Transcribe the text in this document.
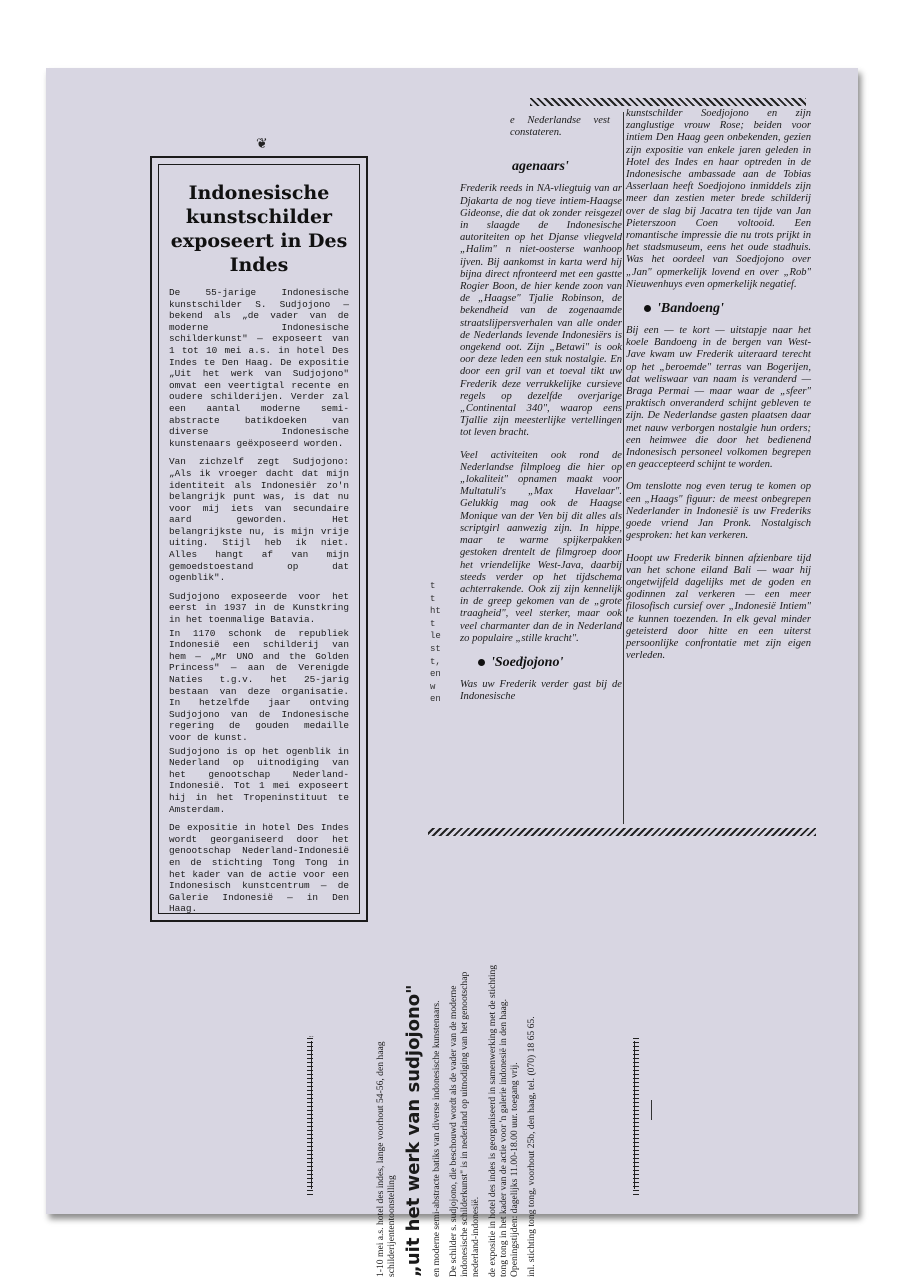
❦
Indonesische kunstschilder exposeert in Des Indes

De 55-jarige Indonesische kunstschilder S. Sudjojono — bekend als „de vader van de moderne Indonesische schilderkunst" — exposeert van 1 tot 10 mei a.s. in hotel Des Indes te Den Haag. De expositie „Uit het werk van Sudjojono" omvat een veertigtal recente en oudere schilderijen. Verder zal een aantal moderne semi-abstracte batikdoeken van diverse Indonesische kunstenaars geëxposeerd worden.

Van zichzelf zegt Sudjojono: „Als ik vroeger dacht dat mijn identiteit als Indonesiër zo'n belangrijk punt was, is dat nu voor mij iets van secundaire aard geworden. Het belangrijkste nu, is mijn vrije uiting. Stijl heb ik niet. Alles hangt af van mijn gemoedstoestand op dat ogenblik".

Sudjojono exposeerde voor het eerst in 1937 in de Kunstkring in het toenmalige Batavia.

In 1170 schonk de republiek Indonesië een schilderij van hem — „Mr UNO and the Golden Princess" — aan de Verenigde Naties t.g.v. het 25-jarig bestaan van deze organisatie. In hetzelfde jaar ontving Sudjojono van de Indonesische regering de gouden medaille voor de kunst.

Sudjojono is op het ogenblik in Nederland op uitnodiging van het genootschap Nederland-Indonesië. Tot 1 mei exposeert hij in het Tropeninstituut te Amsterdam.

De expositie in hotel Des Indes wordt georganiseerd door het genootschap Nederland-Indonesië en de stichting Tong Tong in het kader van de actie voor een Indonesisch kunstcentrum — de Galerie Indonesië — in Den Haag.

e Nederlandse vest constateren.
agenaars'

Frederik reeds in NA-vliegtuig van ar Djakarta de nog tieve intiem-Haagse Gideonse, die dat ok zonder reisgezel in slaagde de Indonesische autoriteiten op het Djanse vliegveld „Halim" n niet-oosterse wanhoop ijven. Bij aankomst in karta werd hij bijna direct nfronteerd met een gastte Rogier Boon, de hier kende zoon van de „Haagse" Tjalie Robinson, de bekendheid van de zogenaamde straatslijpersverhalen van alle onder de Nederlands levende Indonesiërs is ongekend oot. Zijn „Betawi" is ook oor deze leden een stuk nostalgie. En door een gril van et toeval tikt uw Frederik deze verrukkelijke cursieve regels op dezelfde overjarige „Continental 340", waarop eens Tjallie zijn meesterlijke vertellingen tot leven bracht.

Veel activiteiten ook rond de Nederlandse filmploeg die hier op „lokaliteit" opnamen maakt voor Multatuli's „Max Havelaar". Gelukkig mag ook de Haagse Monique van der Ven bij dit alles als scriptgirl aanwezig zijn. In hippe, maar te warme spijkerpakken gestoken drentelt de filmgroep door het vriendelijke West-Java, daarbij steeds verder op het tijdschema achterrakende. Ook zij zijn kennelijk in de greep gekomen van de „grote traagheid", veel sterker, maar ook veel charmanter dan de in Nederland zo populaire „stille kracht".

'Soedjojono'
Was uw Frederik verder gast bij de Indonesische
t
t
ht
t
le
st
t,
en
w
en

kunstschilder Soedjojono en zijn zanglustige vrouw Rose; beiden voor intiem Den Haag geen onbekenden, gezien zijn expositie van enkele jaren geleden in Hotel des Indes en haar optreden in de Indonesische ambassade aan de Tobias Asserlaan heeft Soedjojono inmiddels zijn meer dan zestien meter brede schilderij over de slag bij Jacatra ten tijde van Jan Pieterszoon Coen voltooid. Een romantische impressie die nu trots prijkt in het stadsmuseum, eens het oude stadhuis. Was het oordeel van Soedjojono over „Jan" opmerkelijk lovend en over „Rob" Nieuwenhuys even opmerkelijk negatief.

'Bandoeng'

Bij een — te kort — uitstapje naar het koele Bandoeng in de bergen van West-Jave kwam uw Frederik uiteraard terecht op het „beroemde" terras van Bogerijen, dat weliswaar van naam is veranderd — Braga Permai — maar waar de „sfeer" praktisch onveranderd schijnt gebleven te zijn. De Nederlandse gasten plaatsen daar met nauw verborgen nostalgie hun orders; een heimwee die door het bedienend Indonesisch personeel volkomen begrepen en geaccepteerd schijnt te worden.

Om tenslotte nog even terug te komen op een „Haags" figuur: de meest onbegrepen Nederlander in Indonesië is uw Frederiks goede vriend Jan Pronk. Nostalgisch gesproken: het kan verkeren.

Hoopt uw Frederik binnen afzienbare tijd van het schone eiland Bali — waar hij ongetwijfeld dagelijks met de goden en godinnen zal verkeren — een meer filosofisch cursief over „Indonesië Intiem" te kunnen toezenden. In elk geval minder geteisterd door hitte en een uiterst persoonlijke confrontatie met zijn eigen verleden.

1-10 mei a.s. hotel des indes, lange voorhout 54-56, den haag schilderijententoonstelling „uit het werk van sudjojono" en moderne semi-abstracte batiks van diverse indonesische kunstenaars. De schilder s. sudjojono, die beschouwd wordt als de vader van de moderne indonesische schilderkunst" is in nederland op uitnodiging van het genootschap nederland-indonesië. de expositie in hotel des indes is georganiseerd in samenwerking met de stichting tong tong in het kader van de actie voor 'n galerie indonesië in den haag. Openingstijden: dagelijks 11.00-18.00 uur. toegang vrij. inl. stichting tong tong, voorhout 25b, den haag, tel. (070) 18 65 65.
